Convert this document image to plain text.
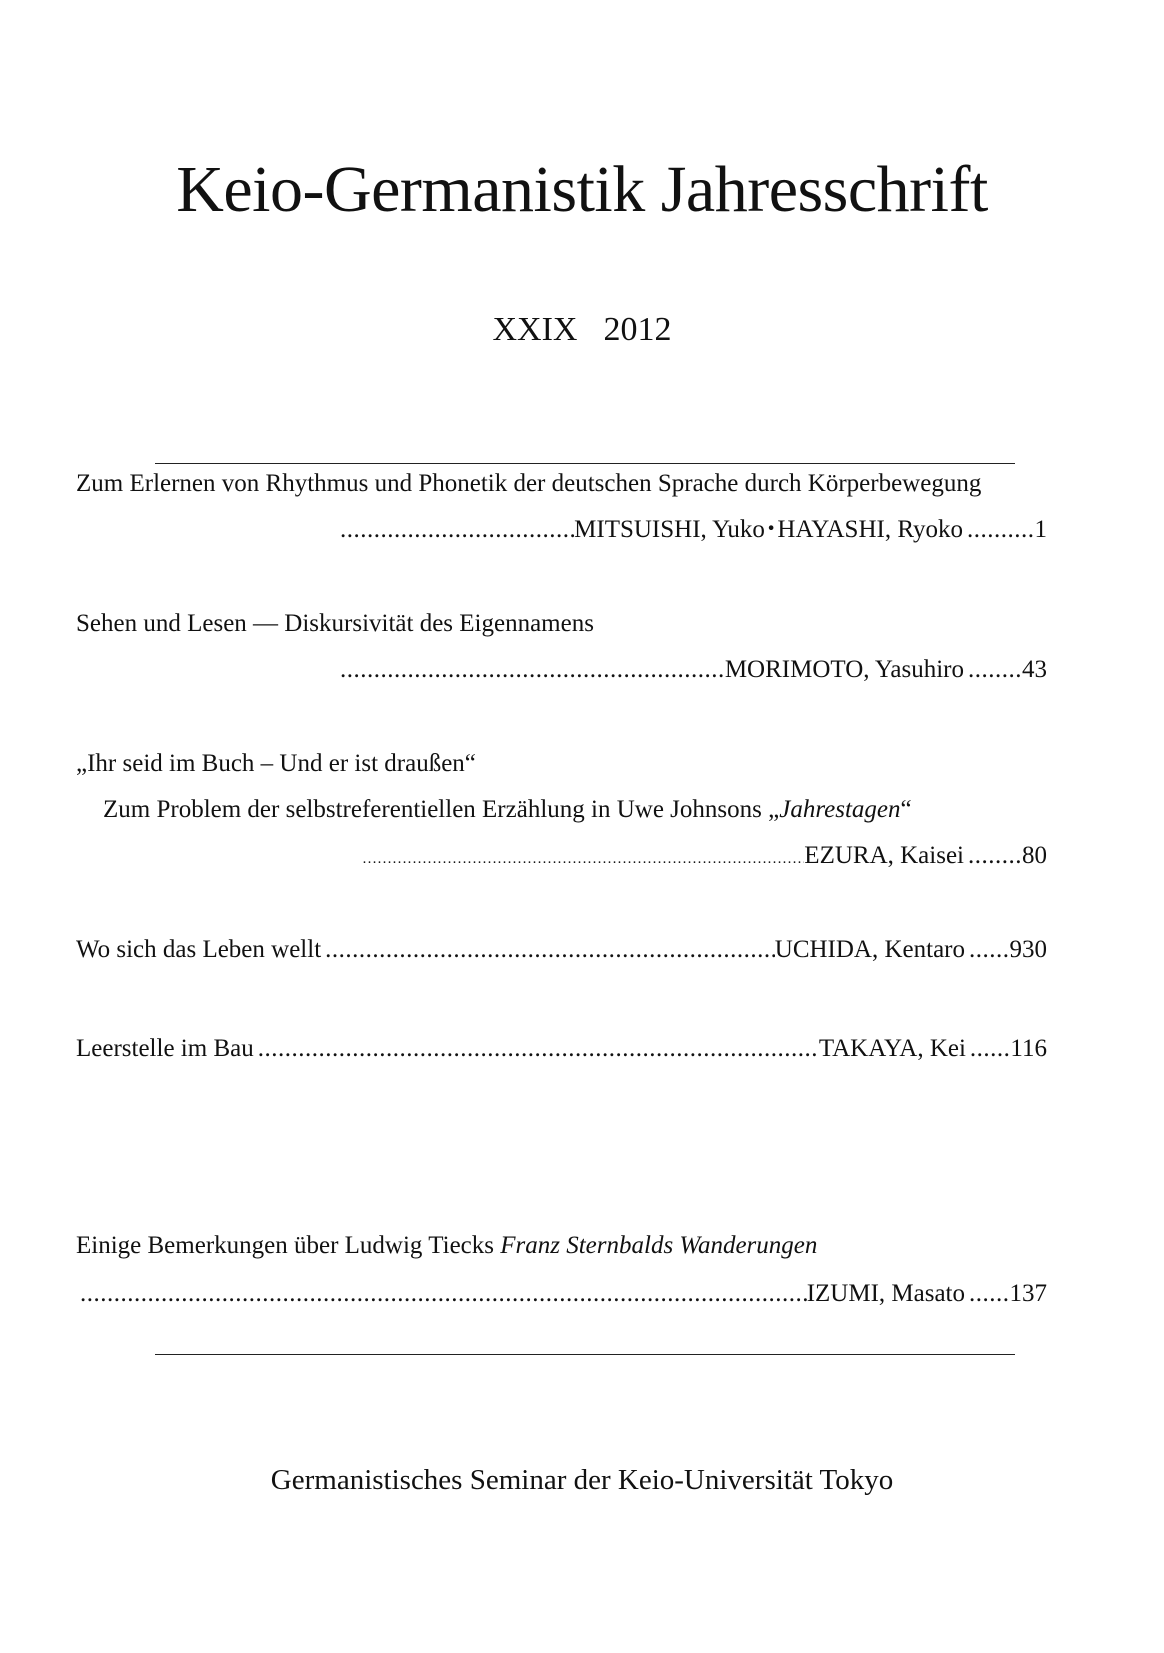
Keio-Germanistik Jahresschrift
XXIX 2012
Zum Erlernen von Rhythmus und Phonetik der deutschen Sprache durch Körperbewegung
.....
MITSUISHI, Yuko･HAYASHI, Ryoko .......... 1
Sehen und Lesen — Diskursivität des Eigennamens
.....
MORIMOTO, Yasuhiro ........ 43
„Ihr seid im Buch – Und er ist draußen“
Zum Problem der selbstreferentiellen Erzählung in Uwe Johnsons „Jahrestagen“
……………………………………………………………………………………………………………………………………………………………………………………………………
EZURA, Kaisei ........ 80
Wo sich das Leben wellt .....	UCHIDA, Kentaro ...... 930
Leerstelle im Bau .....	TAKAYA, Kei ...... 116
Einige Bemerkungen über Ludwig Tiecks Franz Sternbalds Wanderungen
.....
IZUMI, Masato ...... 137
Germanistisches Seminar der Keio-Universität Tokyo
